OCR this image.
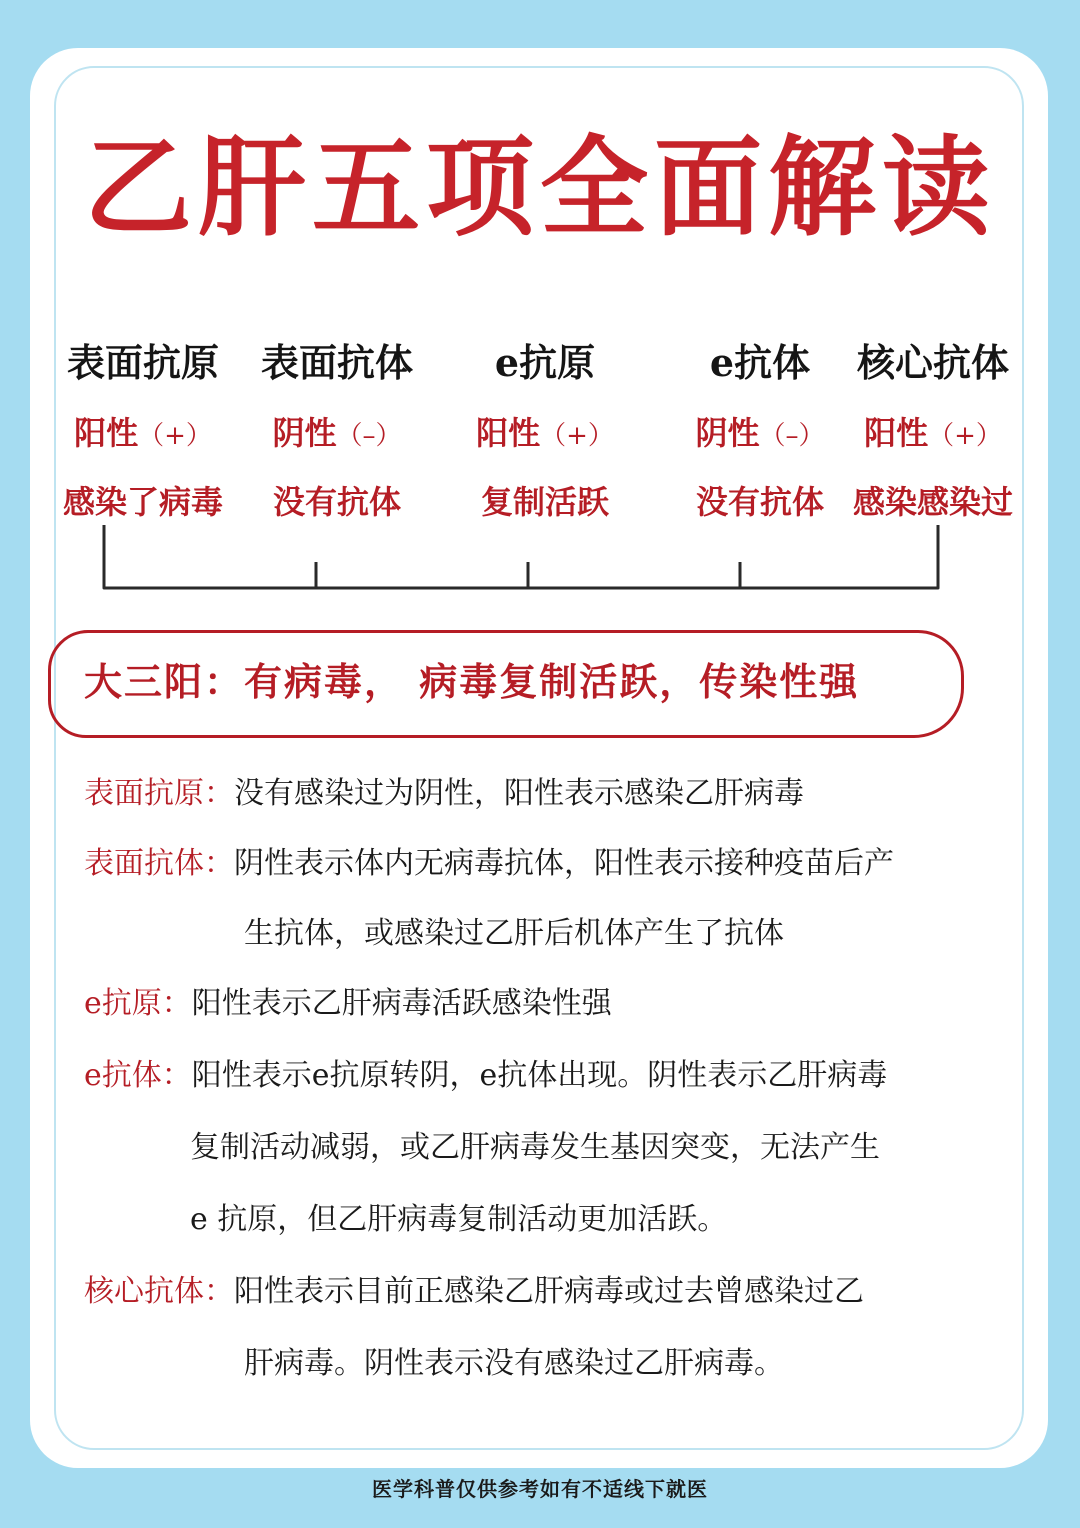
乙肝五项全面解读
表面抗原
阳性（+）
感染了病毒
表面抗体
阴性（–）
没有抗体
e抗原
阳性（+）
复制活跃
e抗体
阴性（–）
没有抗体
核心抗体
阳性（+）
感染感染过
大三阳：有病毒， 病毒复制活跃，传染性强
表面抗原：没有感染过为阴性，阳性表示感染乙肝病毒
表面抗体：阴性表示体内无病毒抗体，阳性表示接种疫苗后产
生抗体，或感染过乙肝后机体产生了抗体
e抗原：阳性表示乙肝病毒活跃感染性强
e抗体：阳性表示e抗原转阴，e抗体出现。阴性表示乙肝病毒
复制活动减弱，或乙肝病毒发生基因突变，无法产生
e 抗原，但乙肝病毒复制活动更加活跃。
核心抗体：阳性表示目前正感染乙肝病毒或过去曾感染过乙
肝病毒。阴性表示没有感染过乙肝病毒。
医学科普仅供参考如有不适线下就医
